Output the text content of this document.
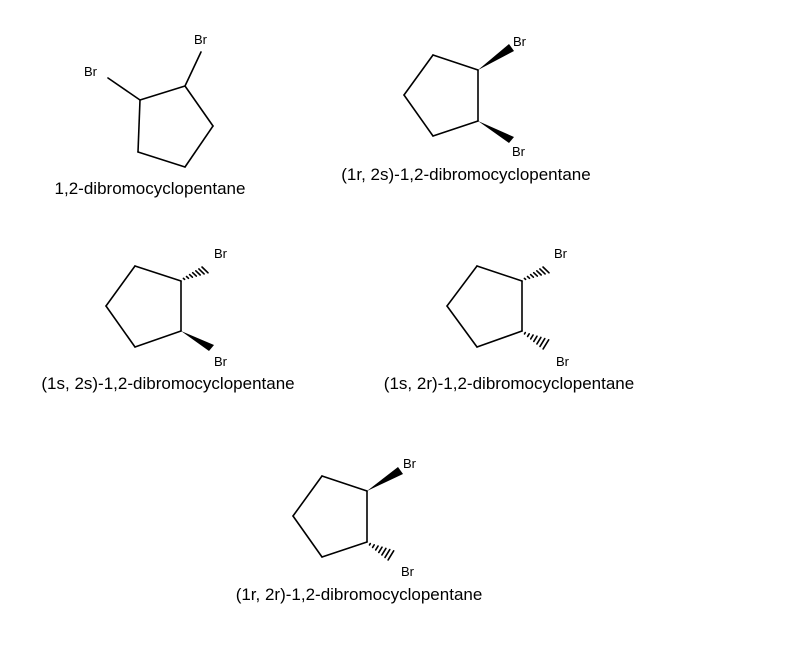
Br
Br	Br
Br
Br
Br
Br
Br
Br
Br
1,2-dibromocyclopentane
(1r, 2s)-1,2-dibromocyclopentane
(1s, 2s)-1,2-dibromocyclopentane	(1s, 2r)-1,2-dibromocyclopentane
(1r, 2r)-1,2-dibromocyclopentane
